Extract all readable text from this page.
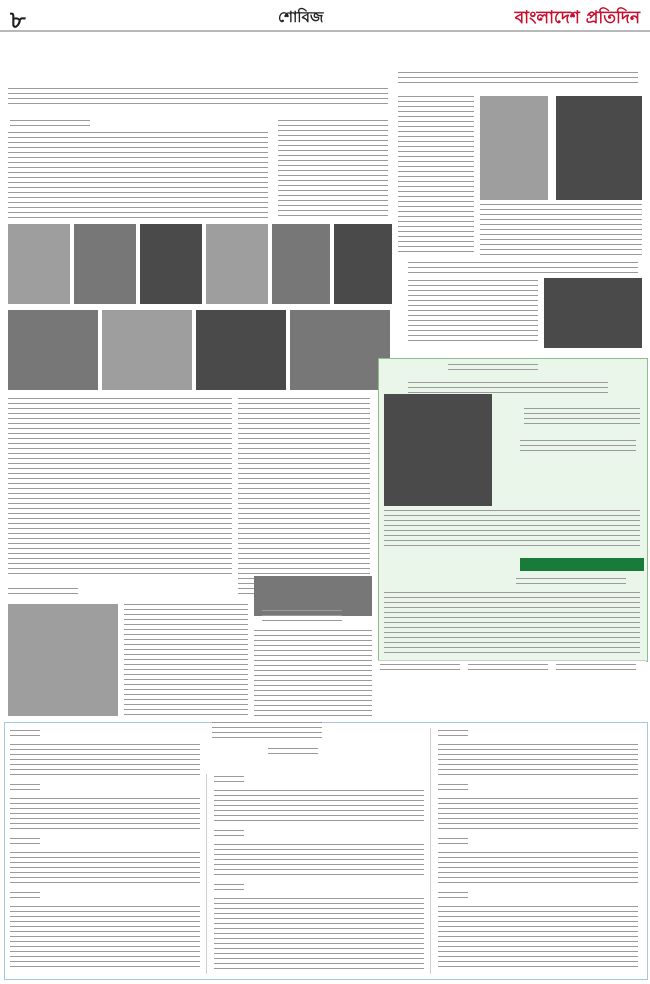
৮	শোবিজ	বাংলাদেশ প্রতিদিন
